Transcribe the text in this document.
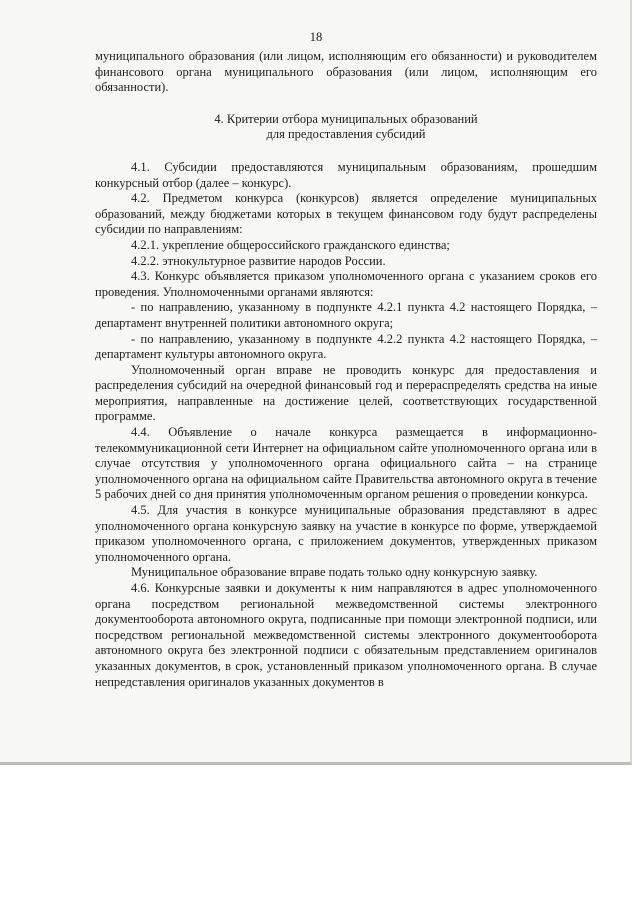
18

муниципального образования (или лицом, исполняющим его обязанности) и руководителем финансового органа муниципального образования (или лицом, исполняющим его обязанности).

4. Критерии отбора муниципальных образований
для предоставления субсидий

4.1. Субсидии предоставляются муниципальным образованиям, прошедшим конкурсный отбор (далее – конкурс).

4.2. Предметом конкурса (конкурсов) является определение муниципальных образований, между бюджетами которых в текущем финансовом году будут распределены субсидии по направлениям:

4.2.1. укрепление общероссийского гражданского единства;

4.2.2. этнокультурное развитие народов России.

4.3. Конкурс объявляется приказом уполномоченного органа с указанием сроков его проведения. Уполномоченными органами являются:

- по направлению, указанному в подпункте 4.2.1 пункта 4.2 настоящего Порядка, – департамент внутренней политики автономного округа;

- по направлению, указанному в подпункте 4.2.2 пункта 4.2 настоящего Порядка, – департамент культуры автономного округа.

Уполномоченный орган вправе не проводить конкурс для предоставления и распределения субсидий на очередной финансовый год и перераспределять средства на иные мероприятия, направленные на достижение целей, соответствующих государственной программе.

4.4. Объявление о начале конкурса размещается в информационно-телекоммуникационной сети Интернет на официальном сайте уполномоченного органа или в случае отсутствия у уполномоченного органа официального сайта – на странице уполномоченного органа на официальном сайте Правительства автономного округа в течение 5 рабочих дней со дня принятия уполномоченным органом решения о проведении конкурса.

4.5. Для участия в конкурсе муниципальные образования представляют в адрес уполномоченного органа конкурсную заявку на участие в конкурсе по форме, утверждаемой приказом уполномоченного органа, с приложением документов, утвержденных приказом уполномоченного органа.

Муниципальное образование вправе подать только одну конкурсную заявку.

4.6. Конкурсные заявки и документы к ним направляются в адрес уполномоченного органа посредством региональной межведомственной системы электронного документооборота автономного округа, подписанные при помощи электронной подписи, или посредством региональной межведомственной системы электронного документооборота автономного округа без электронной подписи с обязательным представлением оригиналов указанных документов, в срок, установленный приказом уполномоченного органа. В случае непредставления оригиналов указанных документов в
